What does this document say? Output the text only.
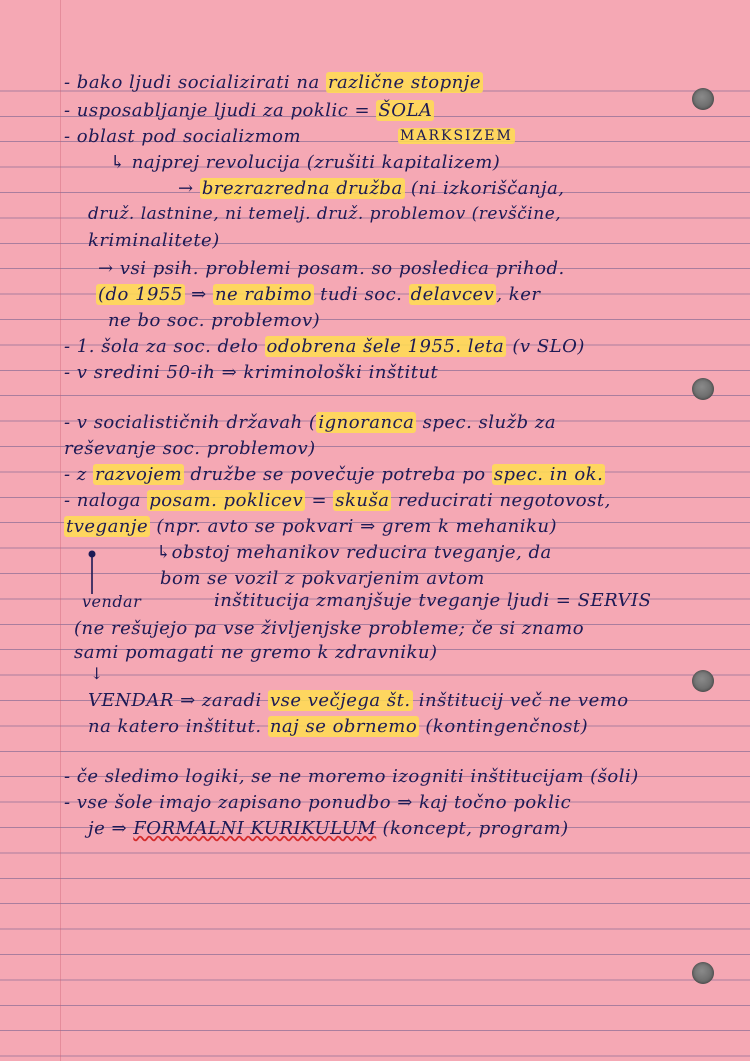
- bako ljudi socializirati na različne stopnje
- usposabljanje ljudi za poklic = ŠOLA
- oblast pod socializmom	MARKSIZEM
↳ najprej revolucija (zrušiti kapitalizem)
→ brezrazredna družba (ni izkoriščanja,
druž. lastnine, ni temelj. druž. problemov (revščine,
kriminalitete)
→ vsi psih. problemi posam. so posledica prihod.
(do 1955 ⇒ ne rabimo tudi soc. delavcev , ker
ne bo soc. problemov)
- 1. šola za soc. delo odobrena šele 1955. leta (v SLO)
- v sredini 50-ih ⇒ kriminološki inštitut
- v socialističnih državah ( ignoranca spec. služb za
reševanje soc. problemov)
- z razvojem družbe se povečuje potreba po spec. in ok.
- naloga posam. poklicev = skuša reducirati negotovost,
tveganje (npr. avto se pokvari ⇒ grem k mehaniku)
↳obstoj mehanikov reducira tveganje, da
bom se vozil z pokvarjenim avtom
vendar	inštitucija zmanjšuje tveganje ljudi = SERVIS
(ne rešujejo pa vse življenjske probleme; če si znamo
sami pomagati ne gremo k zdravniku)
↓
VENDAR ⇒ zaradi vse večjega št. inštitucij več ne vemo
na katero inštitut. naj se obrnemo (kontingenčnost)
- če sledimo logiki, se ne moremo izogniti inštitucijam (šoli)
- vse šole imajo zapisano ponudbo ⇒ kaj točno poklic
je ⇒ FORMALNI KURIKULUM (koncept, program)
